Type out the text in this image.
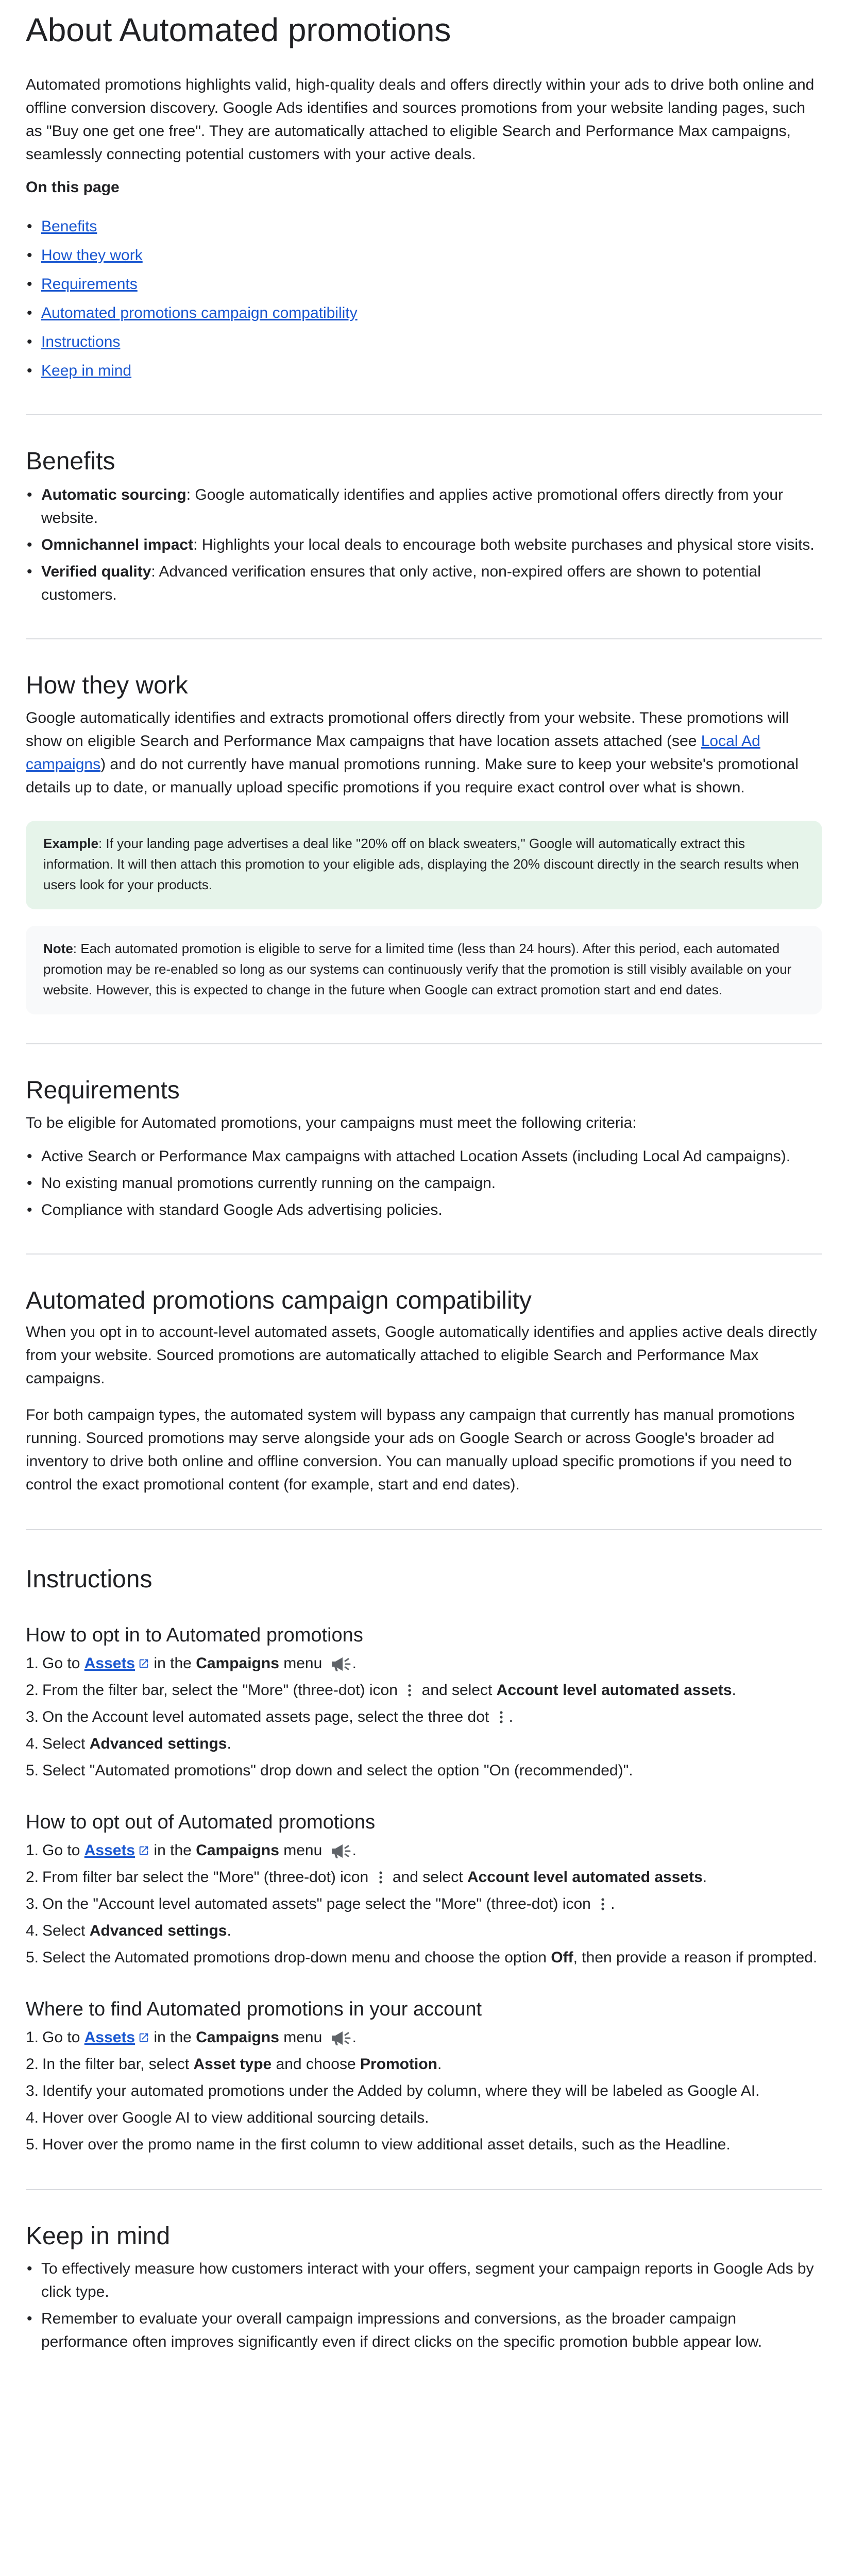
About Automated promotions

Automated promotions highlights valid, high-quality deals and offers directly within your ads to drive both online and offline conversion discovery. Google Ads identifies and sources promotions from your website landing pages, such as "Buy one get one free". They are automatically attached to eligible Search and Performance Max campaigns, seamlessly connecting potential customers with your active deals.

On this page

• Benefits
• How they work
• Requirements
• Automated promotions campaign compatibility
• Instructions
• Keep in mind
Benefits
• Automatic sourcing: Google automatically identifies and applies active promotional offers directly from your website.
• Omnichannel impact: Highlights your local deals to encourage both website purchases and physical store visits.
• Verified quality: Advanced verification ensures that only active, non-expired offers are shown to potential customers.
How they work

Google automatically identifies and extracts promotional offers directly from your website. These promotions will show on eligible Search and Performance Max campaigns that have location assets attached (see Local Ad campaigns) and do not currently have manual promotions running. Make sure to keep your website's promotional details up to date, or manually upload specific promotions if you require exact control over what is shown.

Example: If your landing page advertises a deal like "20% off on black sweaters," Google will automatically extract this information. It will then attach this promotion to your eligible ads, displaying the 20% discount directly in the search results when users look for your products.
Note: Each automated promotion is eligible to serve for a limited time (less than 24 hours). After this period, each automated promotion may be re-enabled so long as our systems can continuously verify that the promotion is still visibly available on your website. However, this is expected to change in the future when Google can extract promotion start and end dates.
Requirements

To be eligible for Automated promotions, your campaigns must meet the following criteria:

• Active Search or Performance Max campaigns with attached Location Assets (including Local Ad campaigns).
• No existing manual promotions currently running on the campaign.
• Compliance with standard Google Ads advertising policies.
Automated promotions campaign compatibility

When you opt in to account-level automated assets, Google automatically identifies and applies active deals directly from your website. Sourced promotions are automatically attached to eligible Search and Performance Max campaigns.

For both campaign types, the automated system will bypass any campaign that currently has manual promotions running. Sourced promotions may serve alongside your ads on Google Search or across Google's broader ad inventory to drive both online and offline conversion. You can manually upload specific promotions if you need to control the exact promotional content (for example, start and end dates).

Instructions
How to opt in to Automated promotions
1. Go to Assets in the Campaigns menu .
2. From the filter bar, select the "More" (three-dot) icon  and select Account level automated assets.
3. On the Account level automated assets page, select the three dot .
4. Select Advanced settings.
5. Select "Automated promotions" drop down and select the option "On (recommended)".
How to opt out of Automated promotions
1. Go to Assets in the Campaigns menu .
2. From filter bar select the "More" (three-dot) icon  and select Account level automated assets.
3. On the "Account level automated assets" page select the "More" (three-dot) icon .
4. Select Advanced settings.
5. Select the Automated promotions drop-down menu and choose the option Off, then provide a reason if prompted.
Where to find Automated promotions in your account
1. Go to Assets in the Campaigns menu .
2. In the filter bar, select Asset type and choose Promotion.
3. Identify your automated promotions under the Added by column, where they will be labeled as Google AI.
4. Hover over Google AI to view additional sourcing details.
5. Hover over the promo name in the first column to view additional asset details, such as the Headline.
Keep in mind
• To effectively measure how customers interact with your offers, segment your campaign reports in Google Ads by click type.
• Remember to evaluate your overall campaign impressions and conversions, as the broader campaign performance often improves significantly even if direct clicks on the specific promotion bubble appear low.
